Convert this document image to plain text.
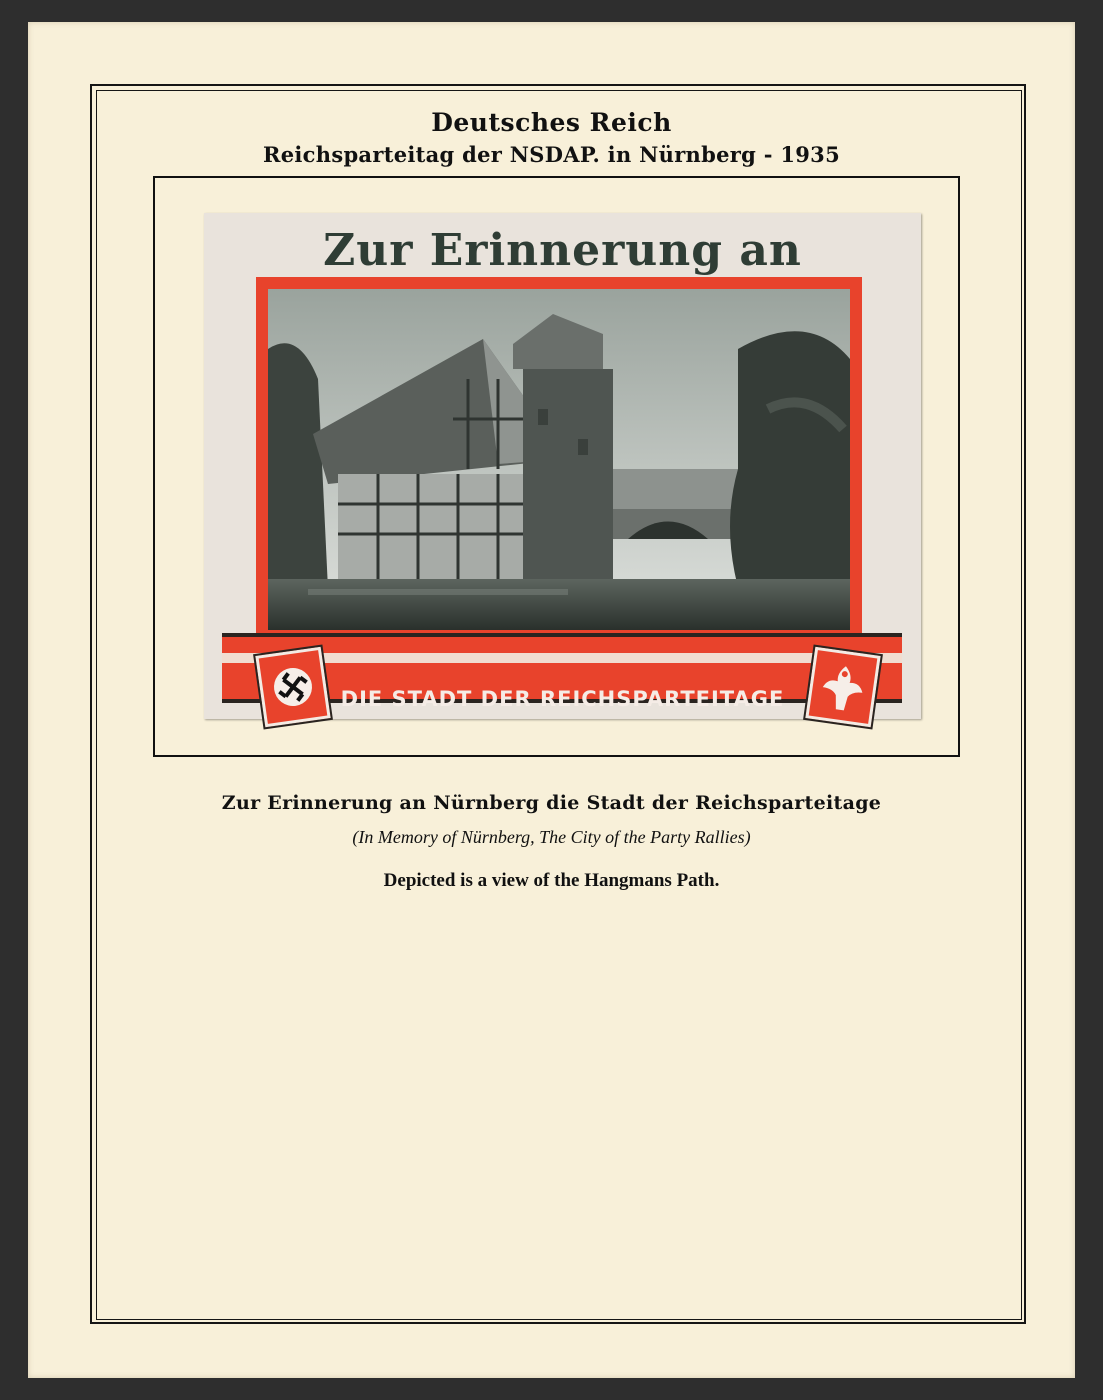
Deutsches Reich
Reichsparteitag der NSDAP. in Nürnberg - 1935
Zur Erinnerung an
DIE STADT DER REICHSPARTEITAGE
Zur Erinnerung an Nürnberg die Stadt der Reichsparteitage
(In Memory of Nürnberg, The City of the Party Rallies)
Depicted is a view of the Hangmans Path.
